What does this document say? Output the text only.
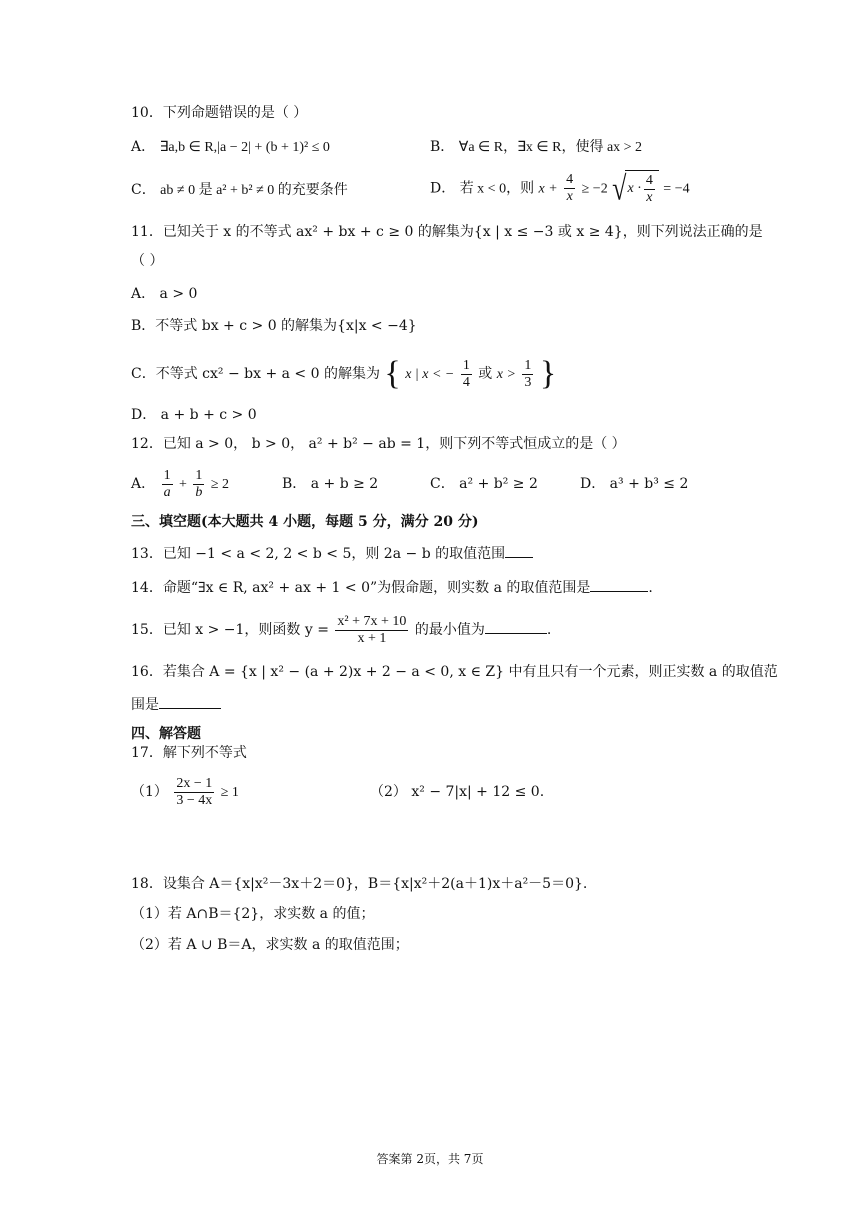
10．下列命题错误的是（ ）
A． ∃a,b ∈ R,|a − 2| + (b + 1)² ≤ 0	B． ∀a ∈ R，∃x ∈ R，使得 ax > 2
C． ab ≠ 0 是 a² + b² ≠ 0 的充要条件	D． 若 x < 0，则 $x + \frac{4}{x} \ge -2$ √ $x \cdot \frac{4}{x} = -4$
11．已知关于 x 的不等式 ax² + bx + c ≥ 0 的解集为{x | x ≤ −3 或 x ≥ 4}，则下列说法正确的是
（ ）
A． a > 0
B．不等式 bx + c > 0 的解集为{x|x < −4}
C．不等式 cx² − bx + a < 0 的解集为 { x | x < − $\frac{1}{4}$ 或 $x > \frac{1}{3}$ }
D． a + b + c > 0
12．已知 a > 0， b > 0， a² + b² − ab = 1，则下列不等式恒成立的是（ ）
A． $\frac{1}{a} + \frac{1}{b} \ge 2$	B． a + b ≥ 2	C． a² + b² ≥ 2	D． a³ + b³ ≤ 2
三、填空题(本大题共 4 小题，每题 5 分，满分 20 分)
13．已知 −1 < a < 2, 2 < b < 5，则 2a − b 的取值范围
14．命题“∃x ∈ R, ax² + ax + 1 < 0”为假命题，则实数 a 的取值范围是	.
15．已知 x > −1，则函数 $y = \frac{\text{x² + 7x + 10}}{x + 1}$ 的最小值为	.
16．若集合 A = {x | x² − (a + 2)x + 2 − a < 0, x ∈ Z} 中有且只有一个元素，则正实数 a 的取值范
围是
四、解答题
17．解下列不等式
$(1) \frac{2x - 1}{3 - 4x} \ge 1$	（2） x² − 7|x| + 12 ≤ 0.
18．设集合 A＝{x|x²－3x＋2＝0}，B＝{x|x²＋2(a＋1)x＋a²－5＝0}.
（1）若 A∩B＝{2}，求实数 a 的值；
（2）若 A ∪ B＝A，求实数 a 的取值范围；
答案第 2页，共 7页
